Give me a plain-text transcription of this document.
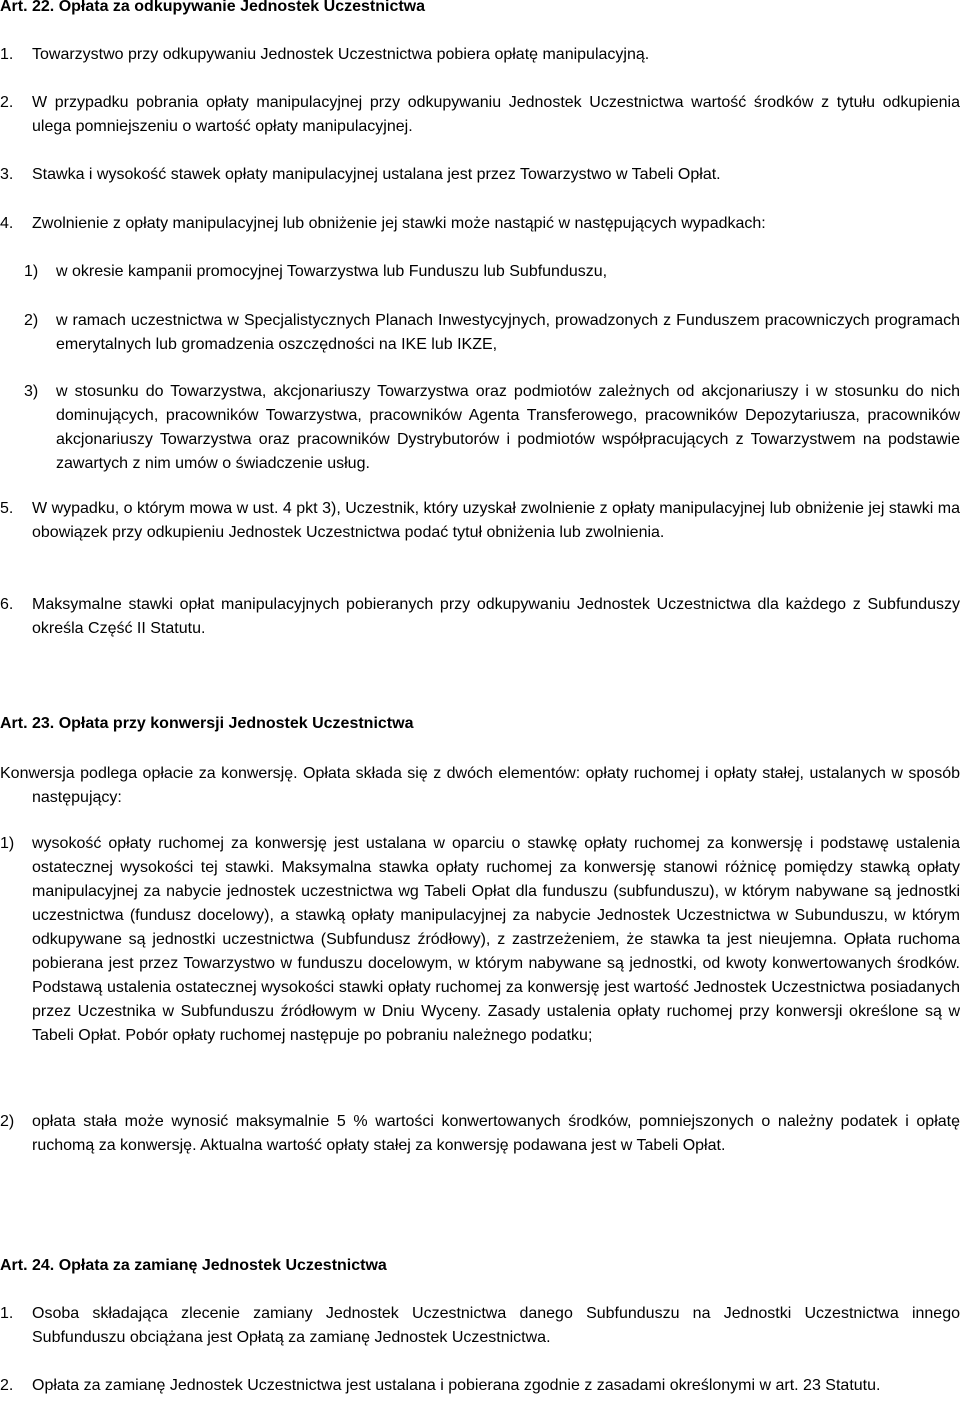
Art. 22. Opłata za odkupywanie Jednostek Uczestnictwa
1. Towarzystwo przy odkupywaniu Jednostek Uczestnictwa pobiera opłatę manipulacyjną.
2. W przypadku pobrania opłaty manipulacyjnej przy odkupywaniu Jednostek Uczestnictwa wartość środków z tytułu odkupienia ulega pomniejszeniu o wartość opłaty manipulacyjnej.
3. Stawka i wysokość stawek opłaty manipulacyjnej ustalana jest przez Towarzystwo w Tabeli Opłat.
4. Zwolnienie z opłaty manipulacyjnej lub obniżenie jej stawki może nastąpić w następujących wypadkach:
1) w okresie kampanii promocyjnej Towarzystwa lub Funduszu lub Subfunduszu,
2) w ramach uczestnictwa w Specjalistycznych Planach Inwestycyjnych, prowadzonych z Funduszem pracowniczych programach emerytalnych lub gromadzenia oszczędności na IKE lub IKZE,
3) w stosunku do Towarzystwa, akcjonariuszy Towarzystwa oraz podmiotów zależnych od akcjonariuszy i w stosunku do nich dominujących, pracowników Towarzystwa, pracowników Agenta Transferowego, pracowników Depozytariusza, pracowników akcjonariuszy Towarzystwa oraz pracowników Dystrybutorów i podmiotów współpracujących z Towarzystwem na podstawie zawartych z nim umów o świadczenie usług.
5. W wypadku, o którym mowa w ust. 4 pkt 3), Uczestnik, który uzyskał zwolnienie z opłaty manipulacyjnej lub obniżenie jej stawki ma obowiązek przy odkupieniu Jednostek Uczestnictwa podać tytuł obniżenia lub zwolnienia.
6. Maksymalne stawki opłat manipulacyjnych pobieranych przy odkupywaniu Jednostek Uczestnictwa dla każdego z Subfunduszy określa Część II Statutu.
Art. 23. Opłata przy konwersji Jednostek Uczestnictwa
Konwersja podlega opłacie za konwersję. Opłata składa się z dwóch elementów: opłaty ruchomej i opłaty stałej, ustalanych w sposób następujący:
1) wysokość opłaty ruchomej za konwersję jest ustalana w oparciu o stawkę opłaty ruchomej za konwersję i podstawę ustalenia ostatecznej wysokości tej stawki. Maksymalna stawka opłaty ruchomej za konwersję stanowi różnicę pomiędzy stawką opłaty manipulacyjnej za nabycie jednostek uczestnictwa wg Tabeli Opłat dla funduszu (subfunduszu), w którym nabywane są jednostki uczestnictwa (fundusz docelowy), a stawką opłaty manipulacyjnej za nabycie Jednostek Uczestnictwa w Subunduszu, w którym odkupywane są jednostki uczestnictwa (Subfundusz źródłowy), z zastrzeżeniem, że stawka ta jest nieujemna. Opłata ruchoma pobierana jest przez Towarzystwo w funduszu docelowym, w którym nabywane są jednostki, od kwoty konwertowanych środków. Podstawą ustalenia ostatecznej wysokości stawki opłaty ruchomej za konwersję jest wartość Jednostek Uczestnictwa posiadanych przez Uczestnika w Subfunduszu źródłowym w Dniu Wyceny. Zasady ustalenia opłaty ruchomej przy konwersji określone są w Tabeli Opłat. Pobór opłaty ruchomej następuje po pobraniu należnego podatku;
2) opłata stała może wynosić maksymalnie 5 % wartości konwertowanych środków, pomniejszonych o należny podatek i opłatę ruchomą za konwersję. Aktualna wartość opłaty stałej za konwersję podawana jest w Tabeli Opłat.
Art. 24. Opłata za zamianę Jednostek Uczestnictwa
1. Osoba składająca zlecenie zamiany Jednostek Uczestnictwa danego Subfunduszu na Jednostki Uczestnictwa innego Subfunduszu obciążana jest Opłatą za zamianę Jednostek Uczestnictwa.
2. Opłata za zamianę Jednostek Uczestnictwa jest ustalana i pobierana zgodnie z zasadami określonymi w art. 23 Statutu.
